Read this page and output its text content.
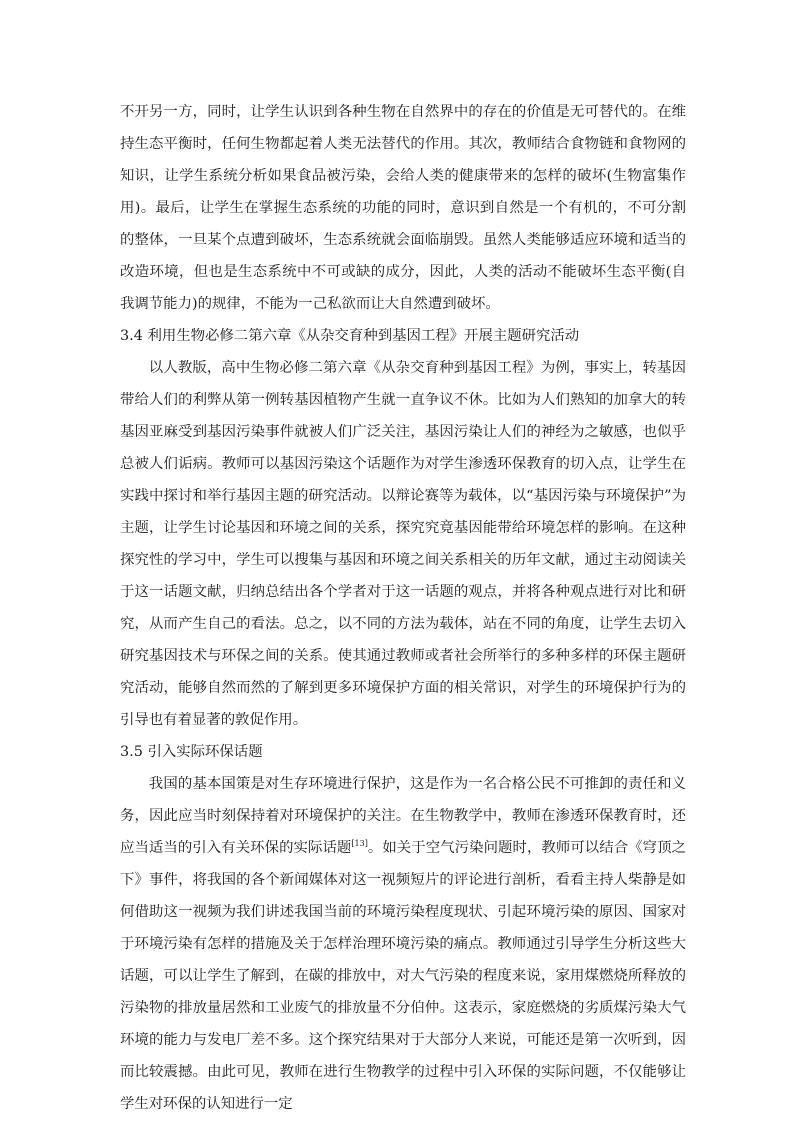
不开另一方，同时，让学生认识到各种生物在自然界中的存在的价值是无可替代的。在维持生态平衡时，任何生物都起着人类无法替代的作用。其次，教师结合食物链和食物网的知识，让学生系统分析如果食品被污染，会给人类的健康带来的怎样的破坏(生物富集作用)。最后，让学生在掌握生态系统的功能的同时，意识到自然是一个有机的，不可分割的整体，一旦某个点遭到破坏，生态系统就会面临崩毁。虽然人类能够适应环境和适当的改造环境，但也是生态系统中不可或缺的成分，因此，人类的活动不能破坏生态平衡(自我调节能力)的规律，不能为一己私欲而让大自然遭到破坏。

3.4 利用生物必修二第六章《从杂交育种到基因工程》开展主题研究活动

以人教版，高中生物必修二第六章《从杂交育种到基因工程》为例，事实上，转基因带给人们的利弊从第一例转基因植物产生就一直争议不休。比如为人们熟知的加拿大的转基因亚麻受到基因污染事件就被人们广泛关注，基因污染让人们的神经为之敏感，也似乎总被人们诟病。教师可以基因污染这个话题作为对学生渗透环保教育的切入点，让学生在实践中探讨和举行基因主题的研究活动。以辩论赛等为载体，以“基因污染与环境保护”为主题，让学生讨论基因和环境之间的关系，探究究竟基因能带给环境怎样的影响。在这种探究性的学习中，学生可以搜集与基因和环境之间关系相关的历年文献，通过主动阅读关于这一话题文献，归纳总结出各个学者对于这一话题的观点，并将各种观点进行对比和研究，从而产生自己的看法。总之，以不同的方法为载体，站在不同的角度，让学生去切入研究基因技术与环保之间的关系。使其通过教师或者社会所举行的多种多样的环保主题研究活动，能够自然而然的了解到更多环境保护方面的相关常识，对学生的环境保护行为的引导也有着显著的敦促作用。

3.5 引入实际环保话题

我国的基本国策是对生存环境进行保护，这是作为一名合格公民不可推卸的责任和义务，因此应当时刻保持着对环境保护的关注。在生物教学中，教师在渗透环保教育时，还应当适当的引入有关环保的实际话题[13]。如关于空气污染问题时，教师可以结合《穹顶之下》事件，将我国的各个新闻媒体对这一视频短片的评论进行剖析，看看主持人柴静是如何借助这一视频为我们讲述我国当前的环境污染程度现状、引起环境污染的原因、国家对于环境污染有怎样的措施及关于怎样治理环境污染的痛点。教师通过引导学生分析这些大话题，可以让学生了解到，在碳的排放中，对大气污染的程度来说，家用煤燃烧所释放的污染物的排放量居然和工业废气的排放量不分伯仲。这表示，家庭燃烧的劣质煤污染大气环境的能力与发电厂差不多。这个探究结果对于大部分人来说，可能还是第一次听到，因而比较震撼。由此可见，教师在进行生物教学的过程中引入环保的实际问题，不仅能够让学生对环保的认知进行一定
